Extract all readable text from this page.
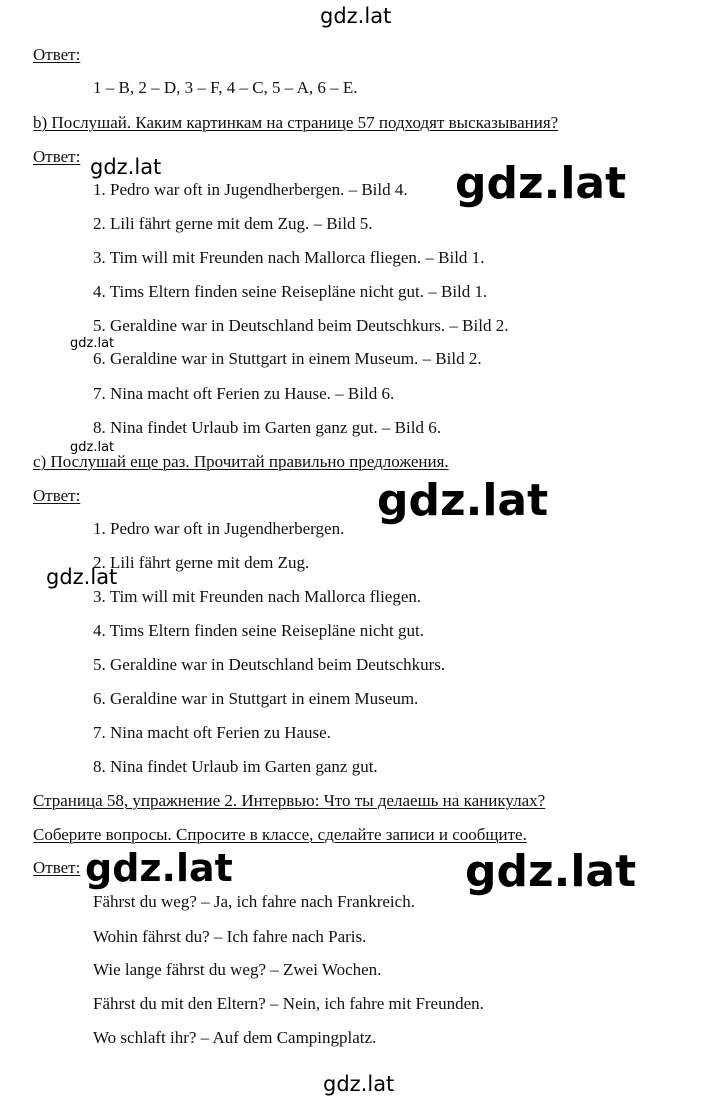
gdz.lat
Ответ:
1 – B, 2 – D, 3 – F, 4 – C, 5 – A, 6 – E.
b) Послушай. Каким картинкам на странице 57 подходят высказывания?
Ответ:
1. Pedro war oft in Jugendherbergen. – Bild 4.
2. Lili fährt gerne mit dem Zug. – Bild 5.
3. Tim will mit Freunden nach Mallorca fliegen. – Bild 1.
4. Tims Eltern finden seine Reisepläne nicht gut. – Bild 1.
5. Geraldine war in Deutschland beim Deutschkurs. – Bild 2.
6. Geraldine war in Stuttgart in einem Museum. – Bild 2.
7. Nina macht oft Ferien zu Hause. – Bild 6.
8. Nina findet Urlaub im Garten ganz gut. – Bild 6.
c) Послушай еще раз. Прочитай правильно предложения.
Ответ:
1. Pedro war oft in Jugendherbergen.
2. Lili fährt gerne mit dem Zug.
3. Tim will mit Freunden nach Mallorca fliegen.
4. Tims Eltern finden seine Reisepläne nicht gut.
5. Geraldine war in Deutschland beim Deutschkurs.
6. Geraldine war in Stuttgart in einem Museum.
7. Nina macht oft Ferien zu Hause.
8. Nina findet Urlaub im Garten ganz gut.
Страница 58, упражнение 2. Интервью: Что ты делаешь на каникулах?
Соберите вопросы. Спросите в классе, сделайте записи и сообщите.
Ответ:
Fährst du weg? – Ja, ich fahre nach Frankreich.
Wohin fährst du? – Ich fahre nach Paris.
Wie lange fährst du weg? – Zwei Wochen.
Fährst du mit den Eltern? – Nein, ich fahre mit Freunden.
Wo schlaft ihr? – Auf dem Campingplatz.
gdz.lat	gdz.lat
gdz.lat
gdz.lat
gdz.lat
gdz.lat
gdz.lat	gdz.lat
gdz.lat
